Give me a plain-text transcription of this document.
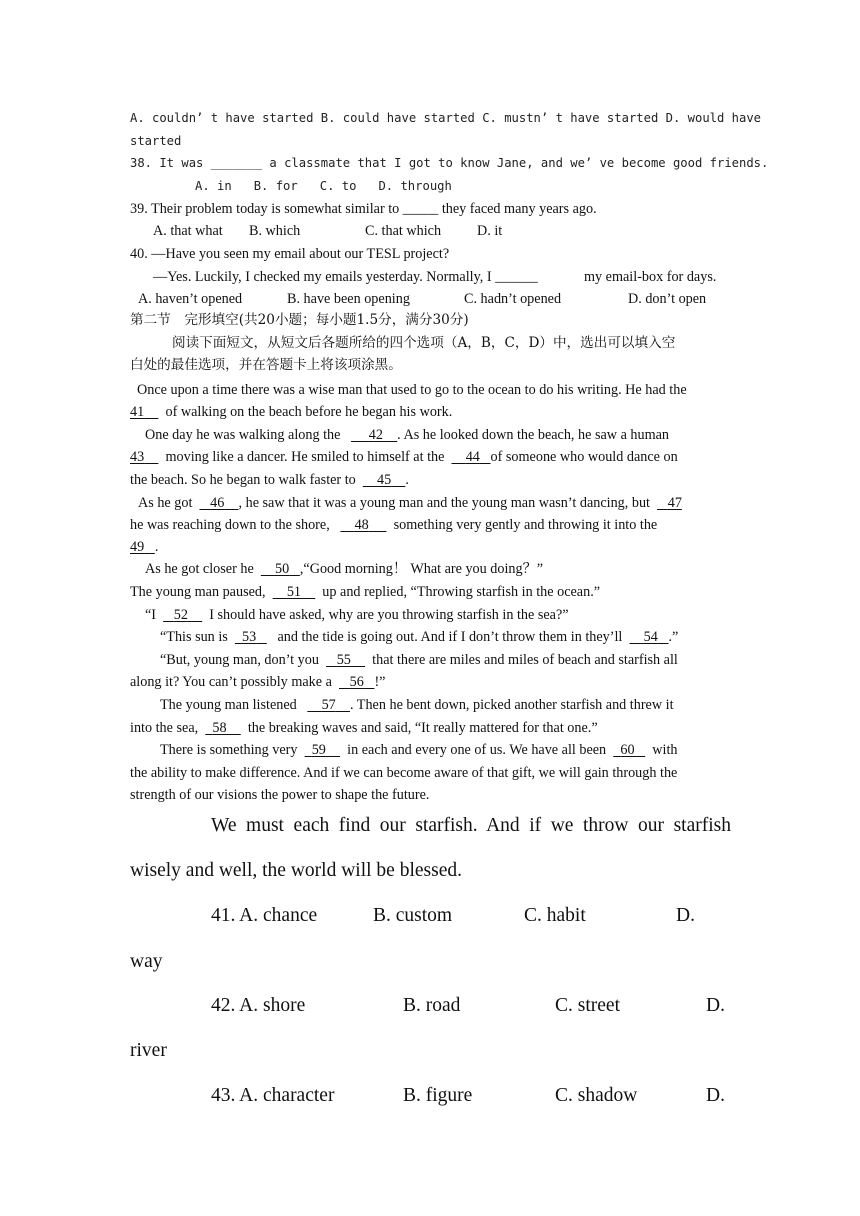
A. couldn’ t have started B. could have started C. mustn’ t have started D. would have
started
38. It was _______ a classmate that I got to know Jane, and we’ ve become good friends.
A. in B. for C. to D. through
39. Their problem today is somewhat similar to _____ they faced many years ago.
A. that what B. which	C. that which	D. it
40. —Have you seen my email about our TESL project?
—Yes. Luckily, I checked my emails yesterday. Normally, I ______	my email-box for days.
A. haven’t opened	B. have been opening	C. hadn’t opened	D. don’t open
第二节　完形填空(共20小题；每小题1.5分，满分30分)
阅读下面短文，从短文后各题所给的四个选项（A，B，C，D）中，选出可以填入空
白处的最佳选项，并在答题卡上将该项涂黑。
Once upon a time there was a wise man that used to go to the ocean to do his writing. He had the
41 of walking on the beach before he began his work.
One day he was walking along the 42 . As he looked down the beach, he saw a human
43 moving like a dancer. He smiled to himself at the 44 of someone who would dance on
the beach. So he began to walk faster to 45 .
As he got 46 , he saw that it was a young man and the young man wasn’t dancing, but 47
he was reaching down to the shore, 48 something very gently and throwing it into the
49 .
As he got closer he 50 ,“Good morning！ What are you doing？”
The young man paused, 51 up and replied, “Throwing starfish in the ocean.”
“I 52 I should have asked, why are you throwing starfish in the sea?”
“This sun is 53 and the tide is going out. And if I don’t throw them in they’ll 54 .”
“But, young man, don’t you 55 that there are miles and miles of beach and starfish all
along it? You can’t possibly make a 56 !”
The young man listened 57 . Then he bent down, picked another starfish and threw it
into the sea, 58 the breaking waves and said, “It really mattered for that one.”
There is something very 59 in each and every one of us. We have all been 60 with
the ability to make difference. And if we can become aware of that gift, we will gain through the
strength of our visions the power to shape the future.
We must each find our starfish. And if we throw our starfish
wisely and well, the world will be blessed.
41. A. chance	B. custom	C. habit	D.
way
42. A. shore	B. road	C. street	D.
river
43. A. character	B. figure	C. shadow	D.
